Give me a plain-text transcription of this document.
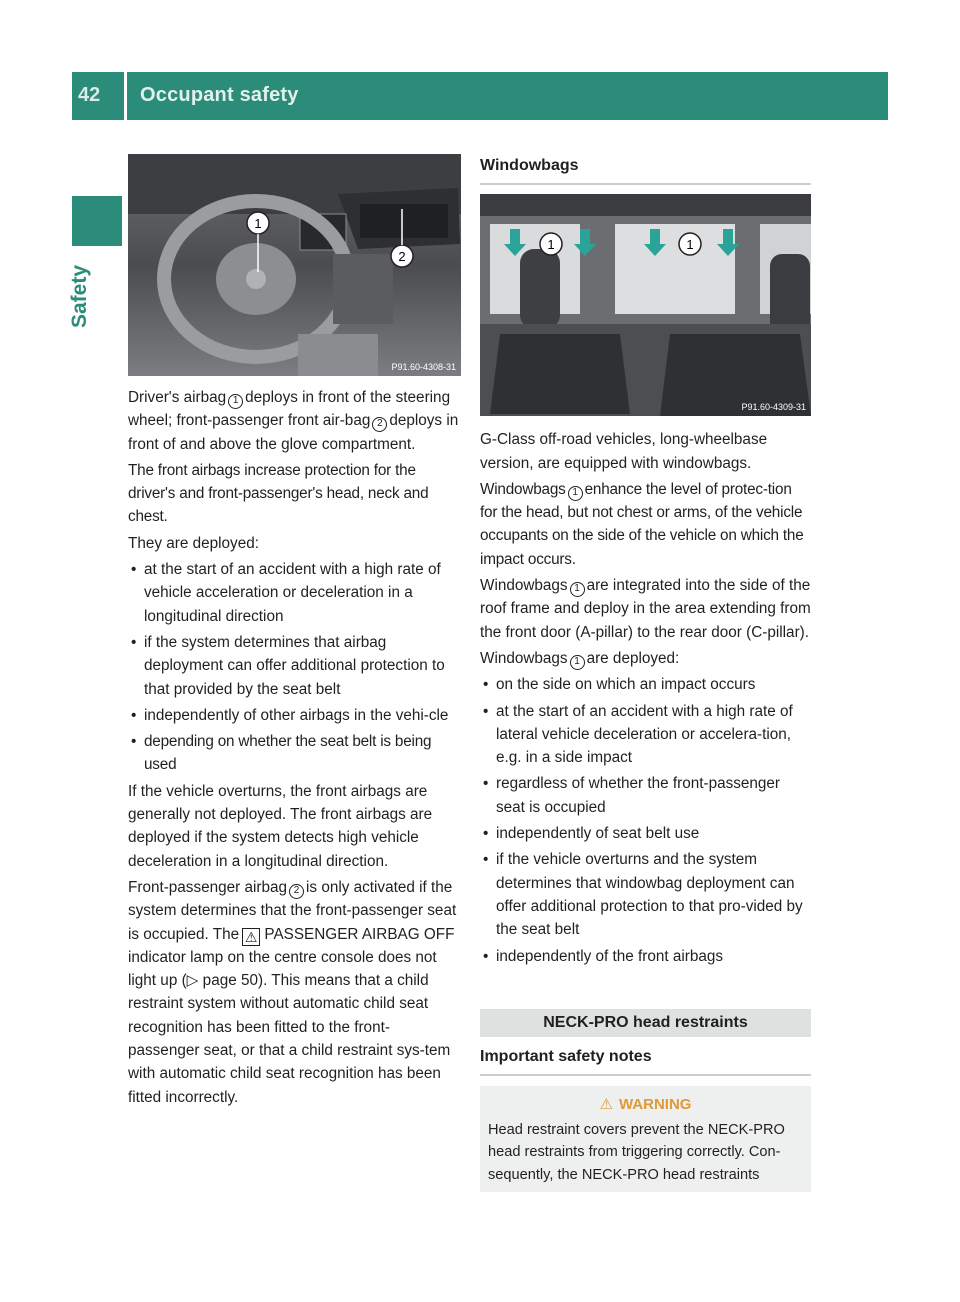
42	Occupant safety
Safety
1
2
P91.60-4308-31

Driver's airbag 1 deploys in front of the steering wheel; front-passenger front air-bag 2 deploys in front of and above the glove compartment.

The front airbags increase protection for the driver's and front-passenger's head, neck and chest.

They are deployed:

• at the start of an accident with a high rate of vehicle acceleration or deceleration in a longitudinal direction
• if the system determines that airbag deployment can offer additional protection to that provided by the seat belt
• independently of other airbags in the vehi-cle
• depending on whether the seat belt is being used

If the vehicle overturns, the front airbags are generally not deployed. The front airbags are deployed if the system detects high vehicle deceleration in a longitudinal direction.

Front-passenger airbag 2 is only activated if the system determines that the front-passenger seat is occupied. The ⚠ PASSENGER AIRBAG OFF indicator lamp on the centre console does not light up (▷ page 50). This means that a child restraint system without automatic child seat recognition has been fitted to the front-passenger seat, or that a child restraint sys-tem with automatic child seat recognition has been fitted incorrectly.

Windowbags
1	1
P91.60-4309-31

G-Class off-road vehicles, long-wheelbase version, are equipped with windowbags.

Windowbags 1 enhance the level of protec-tion for the head, but not chest or arms, of the vehicle occupants on the side of the vehicle on which the impact occurs.

Windowbags 1 are integrated into the side of the roof frame and deploy in the area extending from the front door (A-pillar) to the rear door (C-pillar).

Windowbags 1 are deployed:

• on the side on which an impact occurs
• at the start of an accident with a high rate of lateral vehicle deceleration or accelera-tion, e.g. in a side impact
• regardless of whether the front-passenger seat is occupied
• independently of seat belt use
• if the vehicle overturns and the system determines that windowbag deployment can offer additional protection to that pro-vided by the seat belt
• independently of the front airbags
NECK-PRO head restraints
Important safety notes
⚠ WARNING
Head restraint covers prevent the NECK-PRO head restraints from triggering correctly. Con-sequently, the NECK-PRO head restraints
